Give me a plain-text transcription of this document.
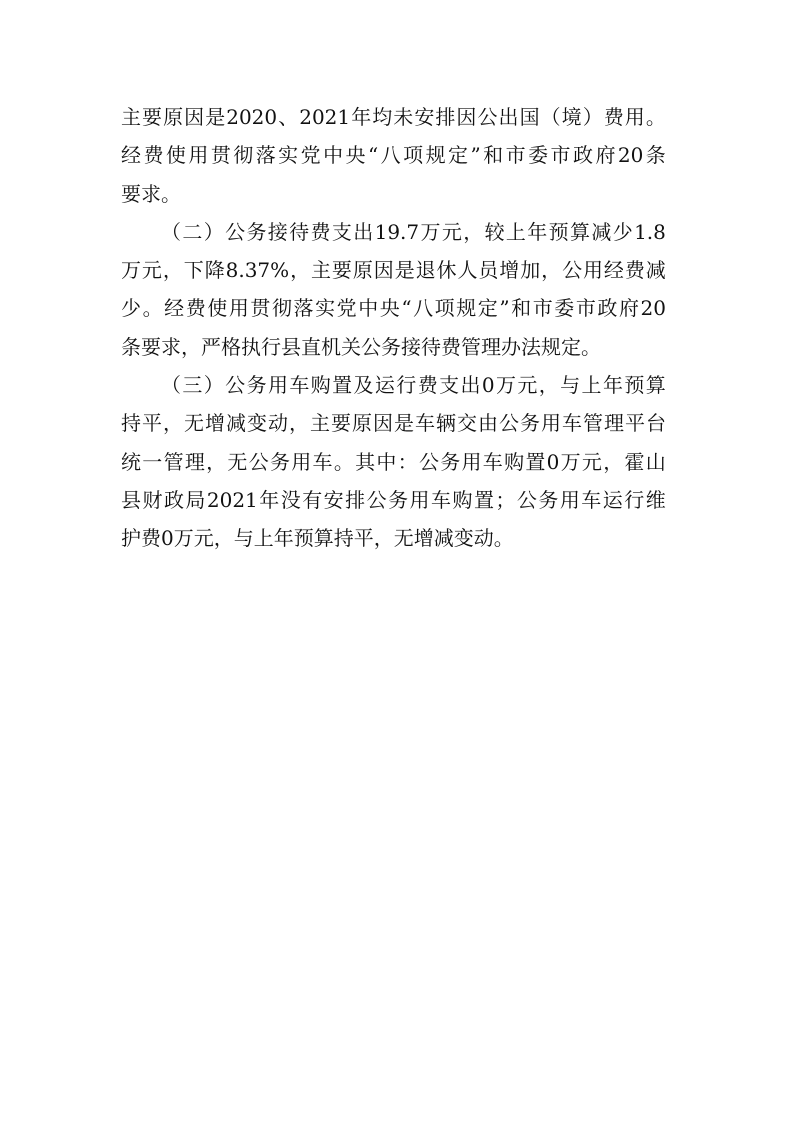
主 要 原 因 是 2020 、 2021 年 均 未 安 排 因 公 出 国 （ 境 ） 费 用 。
经 费 使 用 贯 彻 落 实 党 中 央 “ 八 项 规 定 ” 和 市 委 市 政 府 20 条
要 求 。
（ 二 ） 公 务 接 待 费 支 出 19.7 万 元 ， 较 上 年 预 算 减 少 1.8
万 元 ， 下 降 8.37% ， 主 要 原 因 是 退 休 人 员 增 加 ， 公 用 经 费 减
少 。 经 费 使 用 贯 彻 落 实 党 中 央 “ 八 项 规 定 ” 和 市 委 市 政 府 20
条 要 求 ， 严 格 执 行 县 直 机 关 公 务 接 待 费 管 理 办 法 规 定 。
（ 三 ） 公 务 用 车 购 置 及 运 行 费 支 出 0 万 元 ， 与 上 年 预 算
持 平 ， 无 增 减 变 动 ， 主 要 原 因 是 车 辆 交 由 公 务 用 车 管 理 平 台
统 一 管 理 ， 无 公 务 用 车 。 其 中 ： 公 务 用 车 购 置 0 万 元 ， 霍 山
县 财 政 局 2021 年 没 有 安 排 公 务 用 车 购 置 ； 公 务 用 车 运 行 维
护 费 0 万 元 ， 与 上 年 预 算 持 平 ， 无 增 减 变 动 。
